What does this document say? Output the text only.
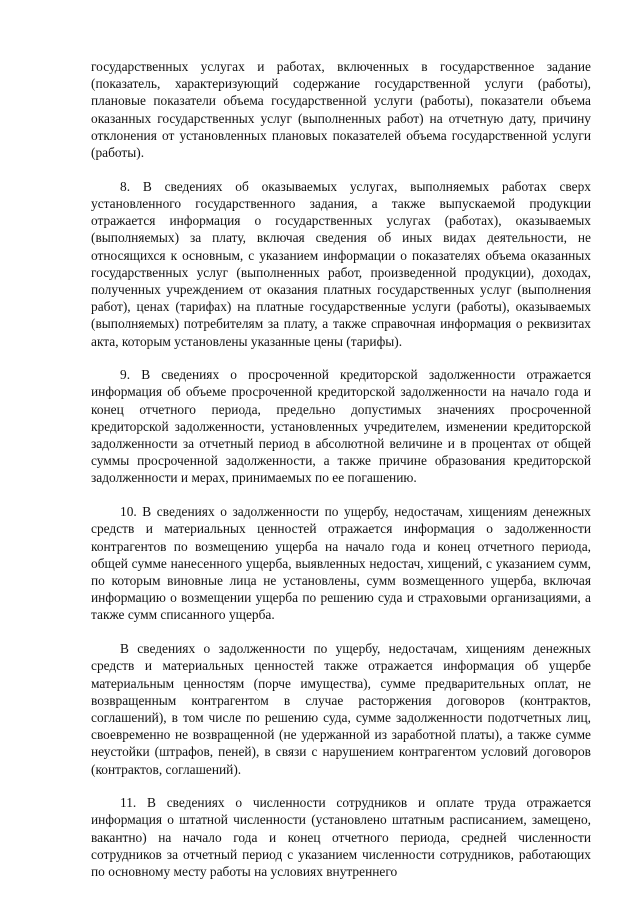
государственных услугах и работах, включенных в государственное задание (показатель, характеризующий содержание государственной услуги (работы), плановые показатели объема государственной услуги (работы), показатели объема оказанных государственных услуг (выполненных работ) на отчетную дату, причину отклонения от установленных плановых показателей объема государственной услуги (работы).

8. В сведениях об оказываемых услугах, выполняемых работах сверх установленного государственного задания, а также выпускаемой продукции отражается информация о государственных услугах (работах), оказываемых (выполняемых) за плату, включая сведения об иных видах деятельности, не относящихся к основным, с указанием информации о показателях объема оказанных государственных услуг (выполненных работ, произведенной продукции), доходах, полученных учреждением от оказания платных государственных услуг (выполнения работ), ценах (тарифах) на платные государственные услуги (работы), оказываемых (выполняемых) потребителям за плату, а также справочная информация о реквизитах акта, которым установлены указанные цены (тарифы).

9. В сведениях о просроченной кредиторской задолженности отражается информация об объеме просроченной кредиторской задолженности на начало года и конец отчетного периода, предельно допустимых значениях просроченной кредиторской задолженности, установленных учредителем, изменении кредиторской задолженности за отчетный период в абсолютной величине и в процентах от общей суммы просроченной задолженности, а также причине образования кредиторской задолженности и мерах, принимаемых по ее погашению.

10. В сведениях о задолженности по ущербу, недостачам, хищениям денежных средств и материальных ценностей отражается информация о задолженности контрагентов по возмещению ущерба на начало года и конец отчетного периода, общей сумме нанесенного ущерба, выявленных недостач, хищений, с указанием сумм, по которым виновные лица не установлены, сумм возмещенного ущерба, включая информацию о возмещении ущерба по решению суда и страховыми организациями, а также сумм списанного ущерба.

В сведениях о задолженности по ущербу, недостачам, хищениям денежных средств и материальных ценностей также отражается информация об ущербе материальным ценностям (порче имущества), сумме предварительных оплат, не возвращенным контрагентом в случае расторжения договоров (контрактов, соглашений), в том числе по решению суда, сумме задолженности подотчетных лиц, своевременно не возвращенной (не удержанной из заработной платы), а также сумме неустойки (штрафов, пеней), в связи с нарушением контрагентом условий договоров (контрактов, соглашений).

11. В сведениях о численности сотрудников и оплате труда отражается информация о штатной численности (установлено штатным расписанием, замещено, вакантно) на начало года и конец отчетного периода, средней численности сотрудников за отчетный период с указанием численности сотрудников, работающих по основному месту работы на условиях внутреннего
